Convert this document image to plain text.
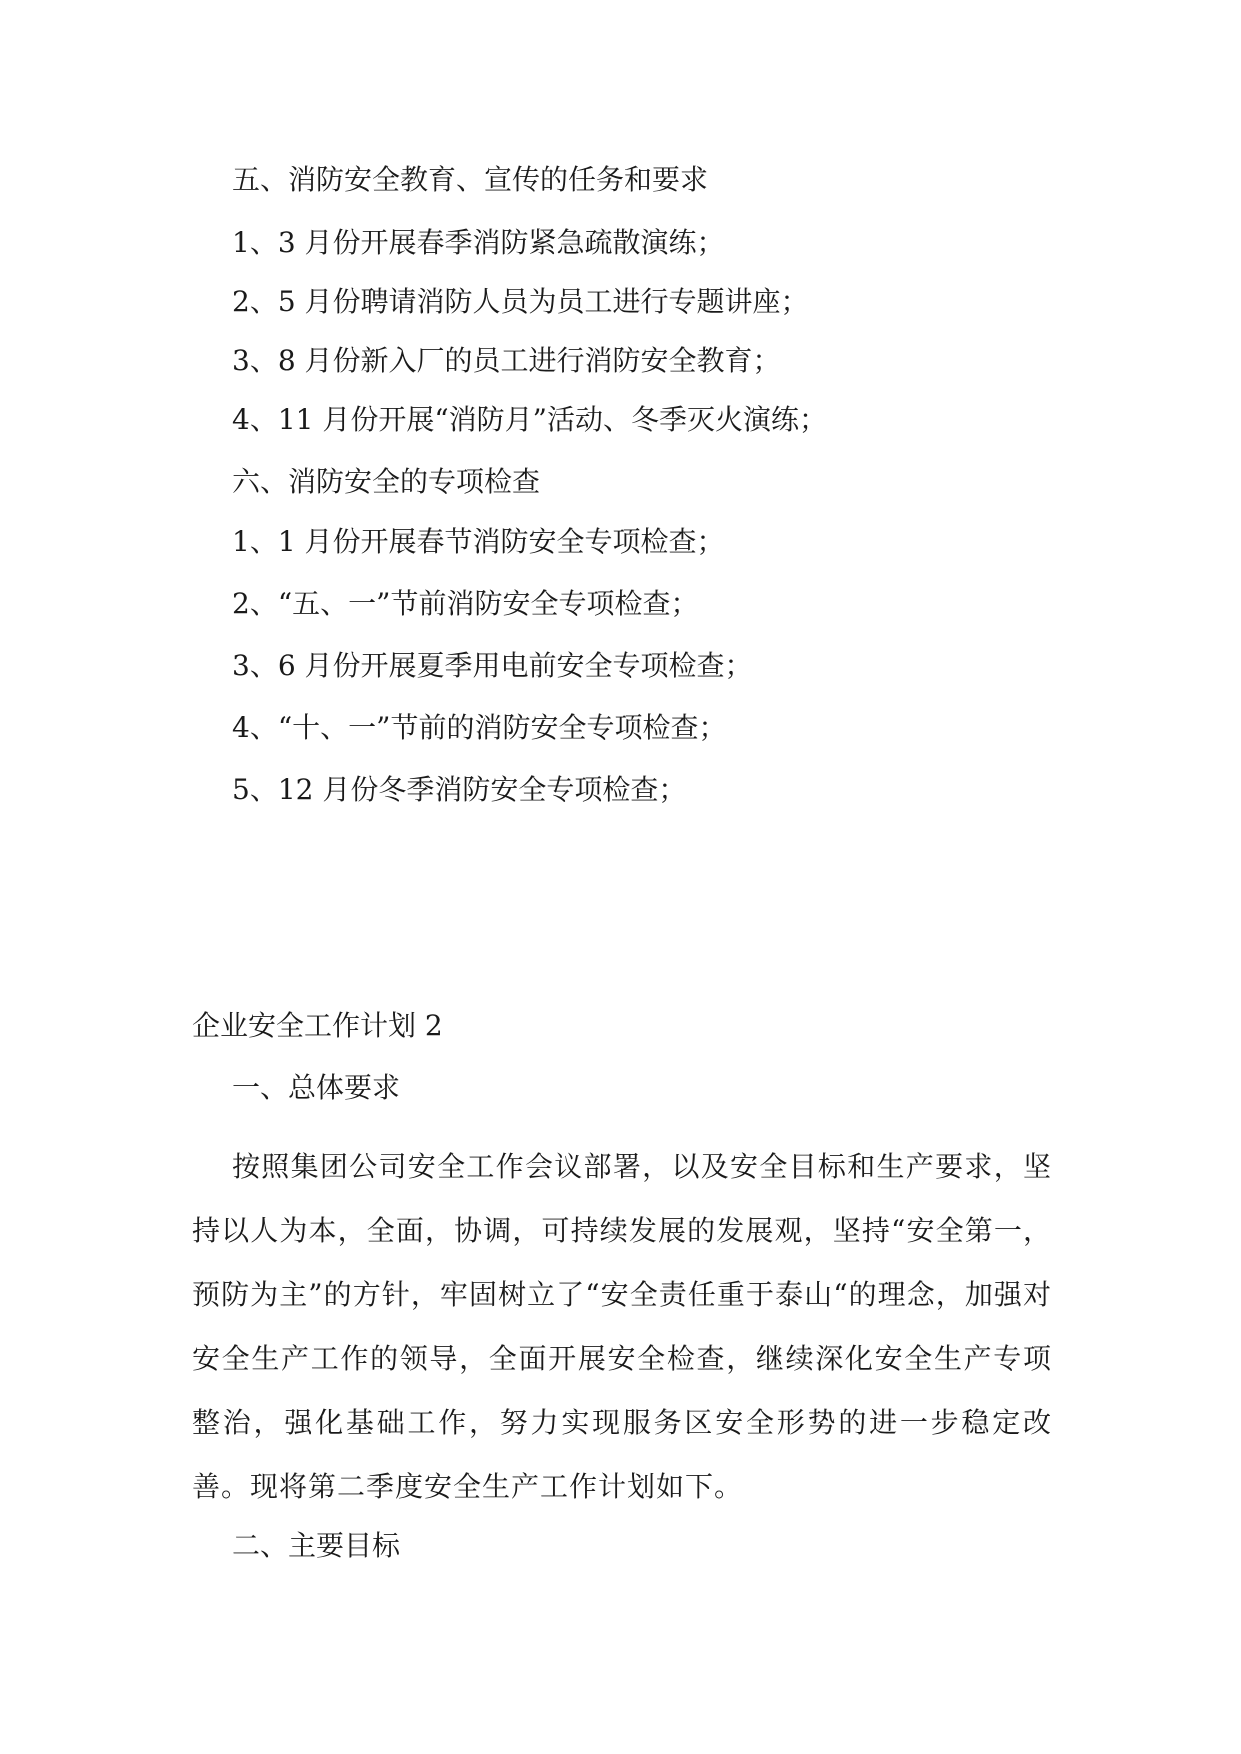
五、消防安全教育、宣传的任务和要求

1、3 月份开展春季消防紧急疏散演练；

2、5 月份聘请消防人员为员工进行专题讲座；

3、8 月份新入厂的员工进行消防安全教育；

4、11 月份开展“消防月”活动、冬季灭火演练；

六、消防安全的专项检查

1、1 月份开展春节消防安全专项检查；

2、“五、一”节前消防安全专项检查；

3、6 月份开展夏季用电前安全专项检查；

4、“十、一”节前的消防安全专项检查；

5、12 月份冬季消防安全专项检查；

企业安全工作计划 2

一、总体要求

按照集团公司安全工作会议部署，以及安全目标和生产要求，坚持以人为本，全面，协调，可持续发展的发展观，坚持“安全第一，预防为主”的方针，牢固树立了“安全责任重于泰山“的理念，加强对安全生产工作的领导，全面开展安全检查，继续深化安全生产专项整治，强化基础工作，努力实现服务区安全形势的进一步稳定改善。现将第二季度安全生产工作计划如下。

二、主要目标
